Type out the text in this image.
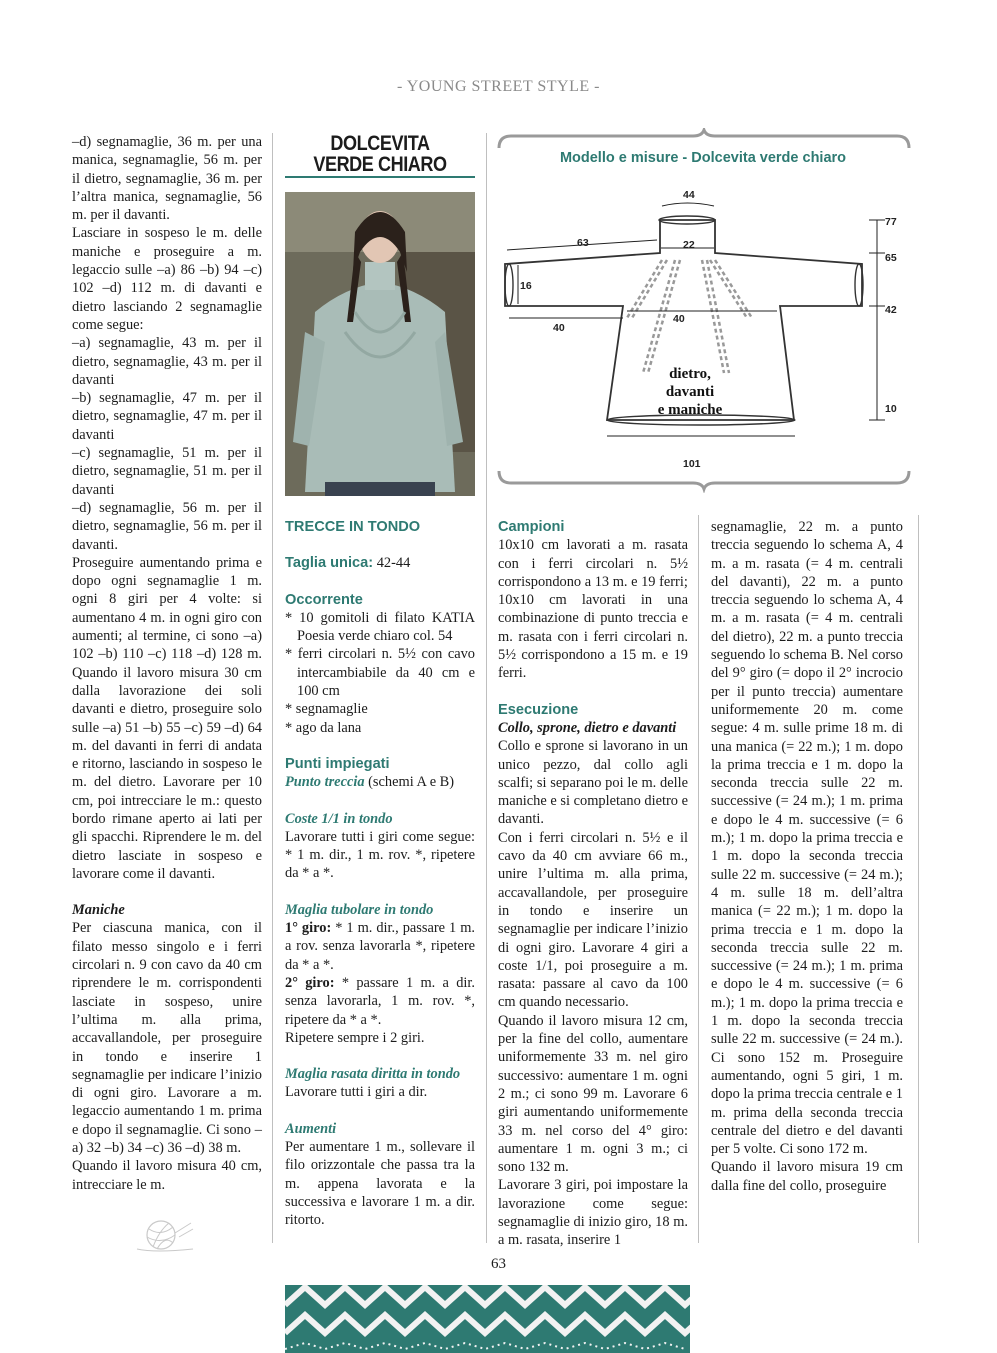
- YOUNG STREET STYLE -

–d) segnamaglie, 36 m. per una manica, segnamaglie, 56 m. per il dietro, segnamaglie, 36 m. per l’altra manica, segnamaglie, 56 m. per il davanti.

Lasciare in sospeso le m. delle maniche e proseguire a m. legaccio sulle –a) 86 –b) 94 –c) 102 –d) 112 m. di davanti e dietro lasciando 2 segnamaglie come segue:

–a) segnamaglie, 43 m. per il dietro, segnamaglie, 43 m. per il davanti

–b) segnamaglie, 47 m. per il dietro, segnamaglie, 47 m. per il davanti

–c) segnamaglie, 51 m. per il dietro, segnamaglie, 51 m. per il davanti

–d) segnamaglie, 56 m. per il dietro, segnamaglie, 56 m. per il davanti.

Proseguire aumentando prima e dopo ogni segnamaglie 1 m. ogni 8 giri per 4 volte: si aumentano 4 m. in ogni giro con aumenti; al termine, ci sono –a) 102 –b) 110 –c) 118 –d) 128 m. Quando il lavoro misura 30 cm dalla lavorazione dei soli davanti e dietro, proseguire solo sulle –a) 51 –b) 55 –c) 59 –d) 64 m. del davanti in ferri di andata e ritorno, lasciando in sospeso le m. del dietro. Lavorare per 10 cm, poi intrecciare le m.: questo bordo rimane aperto ai lati per gli spacchi. Riprendere le m. del dietro lasciate in sospeso e lavorare come il davanti.

Maniche

Per ciascuna manica, con il filato messo singolo e i ferri circolari n. 9 con cavo da 40 cm riprendere le m. corrispondenti lasciate in sospeso, unire l’ultima m. alla prima, accavallandole, per proseguire in tondo e inserire 1 segnamaglie per indicare l’inizio di ogni giro. Lavorare a m. legaccio aumentando 1 m. prima e dopo il segnamaglie. Ci sono –a) 32 –b) 34 –c) 36 –d) 38 m.

Quando il lavoro misura 40 cm, intrecciare le m.

DOLCEVITA
VERDE CHIARO

TRECCE IN TONDO

Taglia unica: 42-44

Occorrente

* 10 gomitoli di filato KATIA Poesia verde chiaro col. 54

* ferri circolari n. 5½ con cavo intercambiabile da 40 cm e 100 cm

* segnamaglie

* ago da lana

Punti impiegati

Punto treccia (schemi A e B)

Coste 1/1 in tondo

Lavorare tutti i giri come segue: * 1 m. dir., 1 m. rov. *, ripetere da * a *.

Maglia tubolare in tondo

1° giro: * 1 m. dir., passare 1 m. a rov. senza lavorarla *, ripetere da * a *.

2° giro: * passare 1 m. a dir. senza lavorarla, 1 m. rov. *, ripetere da * a *.

Ripetere sempre i 2 giri.

Maglia rasata diritta in tondo

Lavorare tutti i giri a dir.

Aumenti

Per aumentare 1 m., sollevare il filo orizzontale che passa tra la m. appena lavorata e la successiva e lavorare 1 m. a dir. ritorto.

Modello e misure - Dolcevita verde chiaro
44
22
63
16
40
40
101
77
65
42
10
dietro,
davanti
e maniche

Campioni

10x10 cm lavorati a m. rasata con i ferri circolari n. 5½ corrispondono a 13 m. e 19 ferri;

10x10 cm lavorati in una combinazione di punto treccia e m. rasata con i ferri circolari n. 5½ corrispondono a 15 m. e 19 ferri.

Esecuzione

Collo, sprone, dietro e davanti

Collo e sprone si lavorano in un unico pezzo, dal collo agli scalfi; si separano poi le m. delle maniche e si completano dietro e davanti.

Con i ferri circolari n. 5½ e il cavo da 40 cm avviare 66 m., unire l’ultima m. alla prima, accavallandole, per proseguire in tondo e inserire un segnamaglie per indicare l’inizio di ogni giro. Lavorare 4 giri a coste 1/1, poi proseguire a m. rasata: passare al cavo da 100 cm quando necessario.

Quando il lavoro misura 12 cm, per la fine del collo, aumentare uniformemente 33 m. nel giro successivo: aumentare 1 m. ogni 2 m.; ci sono 99 m. Lavorare 6 giri aumentando uniformemente 33 m. nel corso del 4° giro: aumentare 1 m. ogni 3 m.; ci sono 132 m.

Lavorare 3 giri, poi impostare la lavorazione come segue: segnamaglie di inizio giro, 18 m. a m. rasata, inserire 1

segnamaglie, 22 m. a punto treccia seguendo lo schema A, 4 m. a m. rasata (= 4 m. centrali del davanti), 22 m. a punto treccia seguendo lo schema A, 4 m. a m. rasata (= 4 m. centrali del dietro), 22 m. a punto treccia seguendo lo schema B. Nel corso del 9° giro (= dopo il 2° incrocio per il punto treccia) aumentare uniformemente 20 m. come segue: 4 m. sulle prime 18 m. di una manica (= 22 m.); 1 m. dopo la prima treccia e 1 m. dopo la seconda treccia sulle 22 m. successive (= 24 m.); 1 m. prima e dopo le 4 m. successive (= 6 m.); 1 m. dopo la prima treccia e 1 m. dopo la seconda treccia sulle 22 m. successive (= 24 m.); 4 m. sulle 18 m. dell’altra manica (= 22 m.); 1 m. dopo la prima treccia e 1 m. dopo la seconda treccia sulle 22 m. successive (= 24 m.); 1 m. prima e dopo le 4 m. successive (= 6 m.); 1 m. dopo la prima treccia e 1 m. dopo la seconda treccia sulle 22 m. successive (= 24 m.). Ci sono 152 m. Proseguire aumentando, ogni 5 giri, 1 m. dopo la prima treccia centrale e 1 m. prima della seconda treccia centrale del dietro e del davanti per 5 volte. Ci sono 172 m.

Quando il lavoro misura 19 cm dalla fine del collo, proseguire

63
